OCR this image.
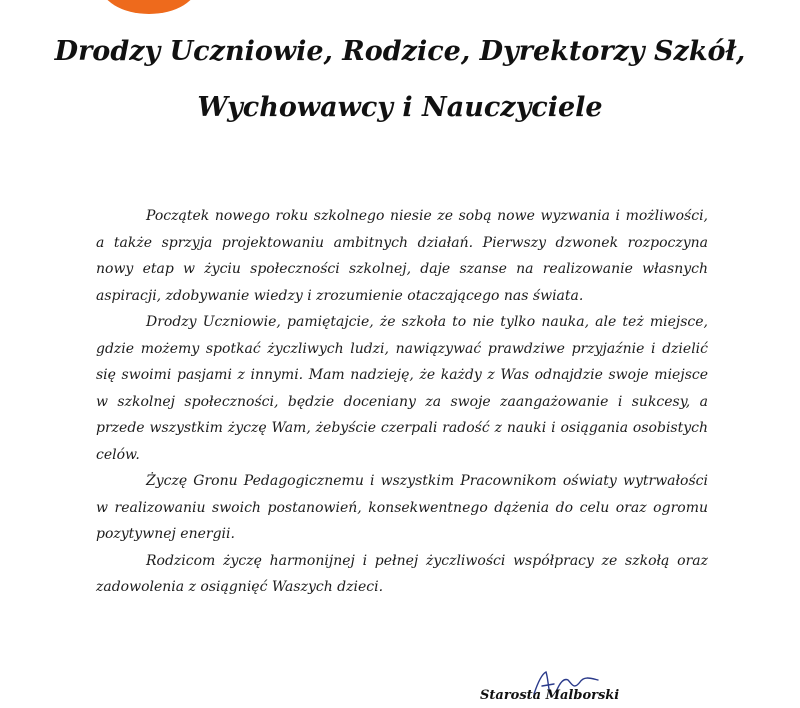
Drodzy Uczniowie, Rodzice, Dyrektorzy Szkół,
Wychowawcy i Nauczyciele

Początek nowego roku szkolnego niesie ze sobą nowe wyzwania i możliwości, a także sprzyja projektowaniu ambitnych działań. Pierwszy dzwonek rozpoczyna nowy etap w życiu społeczności szkolnej, daje szanse na realizowanie własnych aspiracji, zdobywanie wiedzy i zrozumienie otaczającego nas świata.

Drodzy Uczniowie, pamiętajcie, że szkoła to nie tylko nauka, ale też miejsce, gdzie możemy spotkać życzliwych ludzi, nawiązywać prawdziwe przyjaźnie i dzielić się swoimi pasjami z innymi. Mam nadzieję, że każdy z Was odnajdzie swoje miejsce w szkolnej społeczności, będzie doceniany za swoje zaangażowanie i sukcesy, a przede wszystkim życzę Wam, żebyście czerpali radość z nauki i osiągania osobistych celów.

Życzę Gronu Pedagogicznemu i wszystkim Pracownikom oświaty wytrwałości w realizowaniu swoich postanowień, konsekwentnego dążenia do celu oraz ogromu pozytywnej energii.

Rodzicom życzę harmonijnej i pełnej życzliwości współpracy ze szkołą oraz zadowolenia z osiągnięć Waszych dzieci.

Starosta Malborski
